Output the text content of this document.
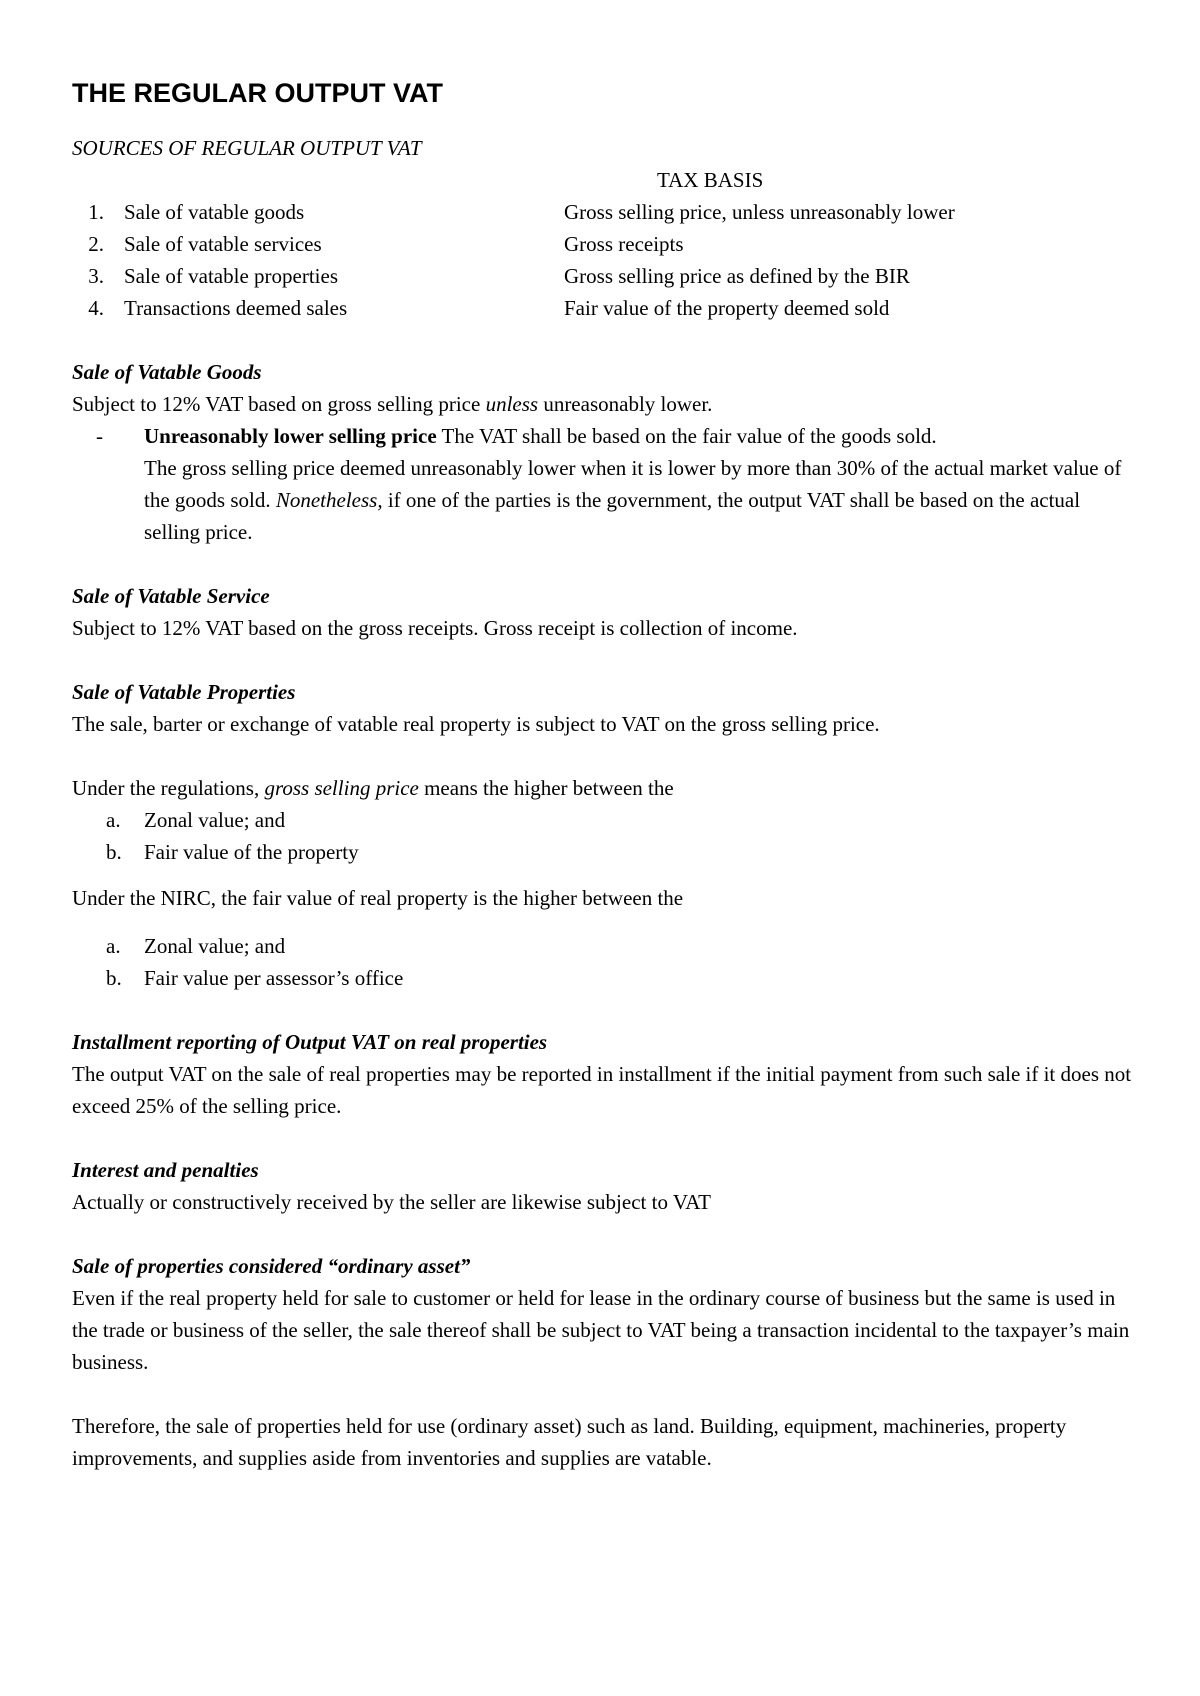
THE REGULAR OUTPUT VAT

SOURCES OF REGULAR OUTPUT VAT

TAX BASIS

1. Sale of vatable goods	Gross selling price, unless unreasonably lower
2. Sale of vatable services	Gross receipts
3. Sale of vatable properties	Gross selling price as defined by the BIR
4. Transactions deemed sales	Fair value of the property deemed sold

Sale of Vatable Goods

Subject to 12% VAT based on gross selling price unless unreasonably lower.

-	Unreasonably lower selling price The VAT shall be based on the fair value of the goods sold.

The gross selling price deemed unreasonably lower when it is lower by more than 30% of the actual market value of the goods sold. Nonetheless, if one of the parties is the government, the output VAT shall be based on the actual selling price.

Sale of Vatable Service

Subject to 12% VAT based on the gross receipts. Gross receipt is collection of income.

Sale of Vatable Properties

The sale, barter or exchange of vatable real property is subject to VAT on the gross selling price.

Under the regulations, gross selling price means the higher between the

a.	Zonal value; and
b.	Fair value of the property

Under the NIRC, the fair value of real property is the higher between the

a.	Zonal value; and
b.	Fair value per assessor’s office

Installment reporting of Output VAT on real properties

The output VAT on the sale of real properties may be reported in installment if the initial payment from such sale if it does not exceed 25% of the selling price.

Interest and penalties

Actually or constructively received by the seller are likewise subject to VAT

Sale of properties considered “ordinary asset”

Even if the real property held for sale to customer or held for lease in the ordinary course of business but the same is used in the trade or business of the seller, the sale thereof shall be subject to VAT being a transaction incidental to the taxpayer’s main business.

Therefore, the sale of properties held for use (ordinary asset) such as land. Building, equipment, machineries, property improvements, and supplies aside from inventories and supplies are vatable.
